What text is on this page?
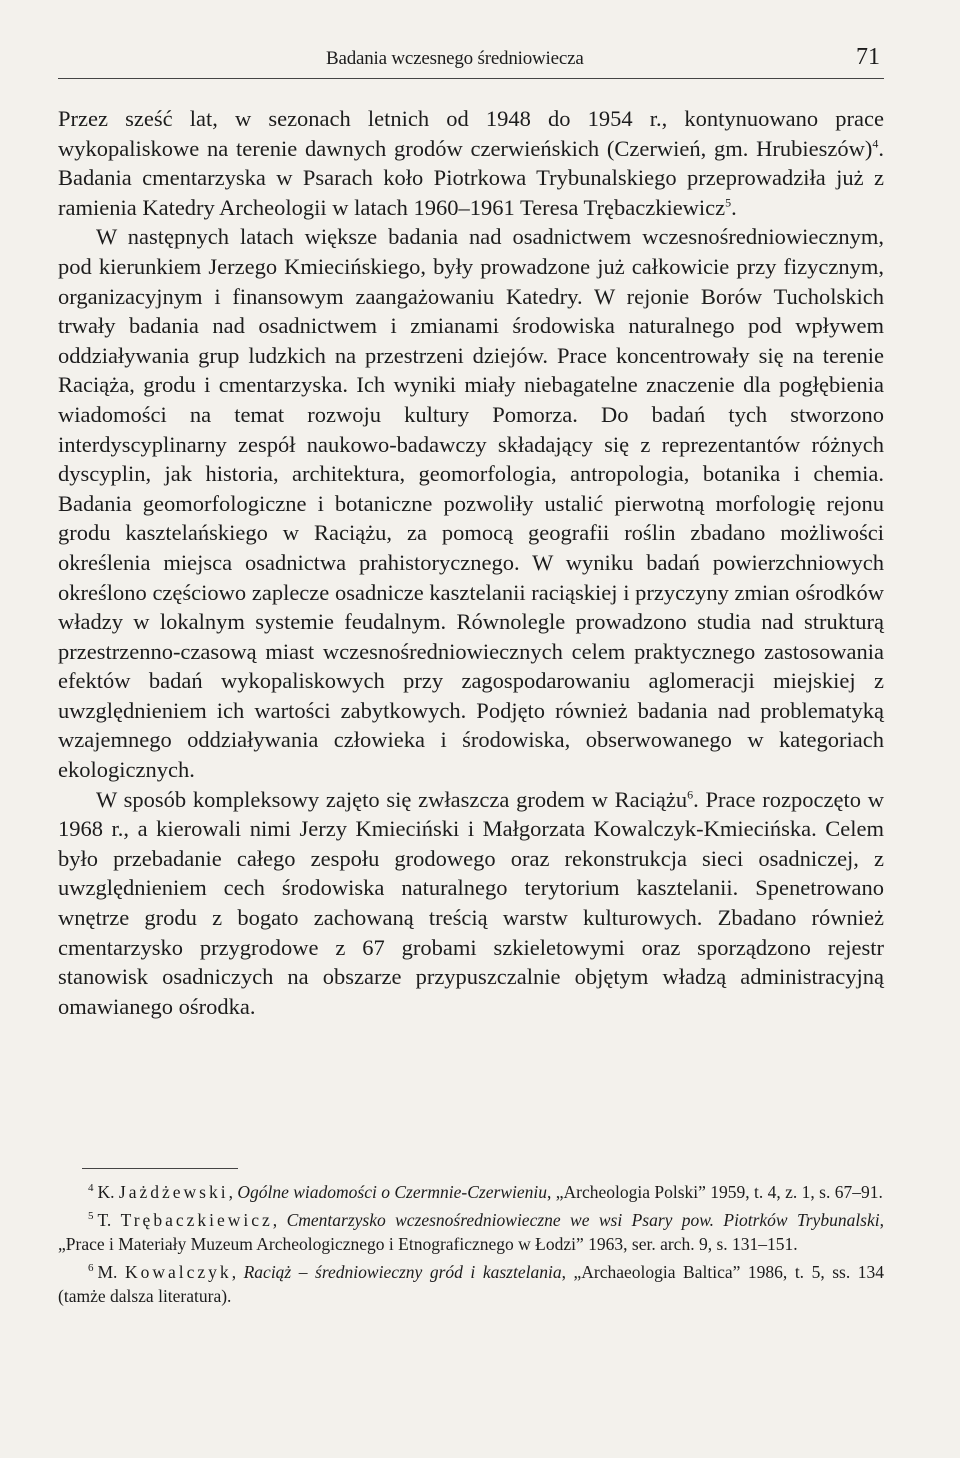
Badania wczesnego średniowiecza	71

Przez sześć lat, w sezonach letnich od 1948 do 1954 r., kontynuowano prace wykopaliskowe na terenie dawnych grodów czerwieńskich (Czerwień, gm. Hrubieszów)$^4$. Badania cmentarzyska w Psarach koło Piotrkowa Trybunalskiego przeprowadziła już z ramienia Katedry Archeologii w latach 1960–1961 Teresa Trębaczkiewicz$^5$.

W następnych latach większe badania nad osadnictwem wczesnośredniowiecznym, pod kierunkiem Jerzego Kmiecińskiego, były prowadzone już całkowicie przy fizycznym, organizacyjnym i finansowym zaangażowaniu Katedry. W rejonie Borów Tucholskich trwały badania nad osadnictwem i zmianami środowiska naturalnego pod wpływem oddziaływania grup ludzkich na przestrzeni dziejów. Prace koncentrowały się na terenie Raciąża, grodu i cmentarzyska. Ich wyniki miały niebagatelne znaczenie dla pogłębienia wiadomości na temat rozwoju kultury Pomorza. Do badań tych stworzono interdyscyplinarny zespół naukowo-badawczy składający się z reprezentantów różnych dyscyplin, jak historia, architektura, geomorfologia, antropologia, botanika i chemia. Badania geomorfologiczne i botaniczne pozwoliły ustalić pierwotną morfologię rejonu grodu kasztelańskiego w Raciążu, za pomocą geografii roślin zbadano możliwości określenia miejsca osadnictwa prahistorycznego. W wyniku badań powierzchniowych określono częściowo zaplecze osadnicze kasztelanii raciąskiej i przyczyny zmian ośrodków władzy w lokalnym systemie feudalnym. Równolegle prowadzono studia nad strukturą przestrzenno-czasową miast wczesnośredniowiecznych celem praktycznego zastosowania efektów badań wykopaliskowych przy zagospodarowaniu aglomeracji miejskiej z uwzględnieniem ich wartości zabytkowych. Podjęto również badania nad problematyką wzajemnego oddziaływania człowieka i środowiska, obserwowanego w kategoriach ekologicznych.

W sposób kompleksowy zajęto się zwłaszcza grodem w Raciążu$^6$. Prace rozpoczęto w 1968 r., a kierowali nimi Jerzy Kmieciński i Małgorzata Kowalczyk-Kmiecińska. Celem było przebadanie całego zespołu grodowego oraz rekonstrukcja sieci osadniczej, z uwzględnieniem cech środowiska naturalnego terytorium kasztelanii. Spenetrowano wnętrze grodu z bogato zachowaną treścią warstw kulturowych. Zbadano również cmentarzysko przygrodowe z 67 grobami szkieletowymi oraz sporządzono rejestr stanowisk osadniczych na obszarze przypuszczalnie objętym władzą administracyjną omawianego ośrodka.

$^4$ K. Jażdżewski, Ogólne wiadomości o Czermnie-Czerwieniu, „Archeologia Polski” 1959, t. 4, z. 1, s. 67–91.

$^5$ T. Trębaczkiewicz, Cmentarzysko wczesnośredniowieczne we wsi Psary pow. Piotrków Trybunalski, „Prace i Materiały Muzeum Archeologicznego i Etnograficznego w Łodzi” 1963, ser. arch. 9, s. 131–151.

$^6$ M. Kowalczyk, Raciąż – średniowieczny gród i kasztelania, „Archaeologia Baltica” 1986, t. 5, ss. 134 (tamże dalsza literatura).
